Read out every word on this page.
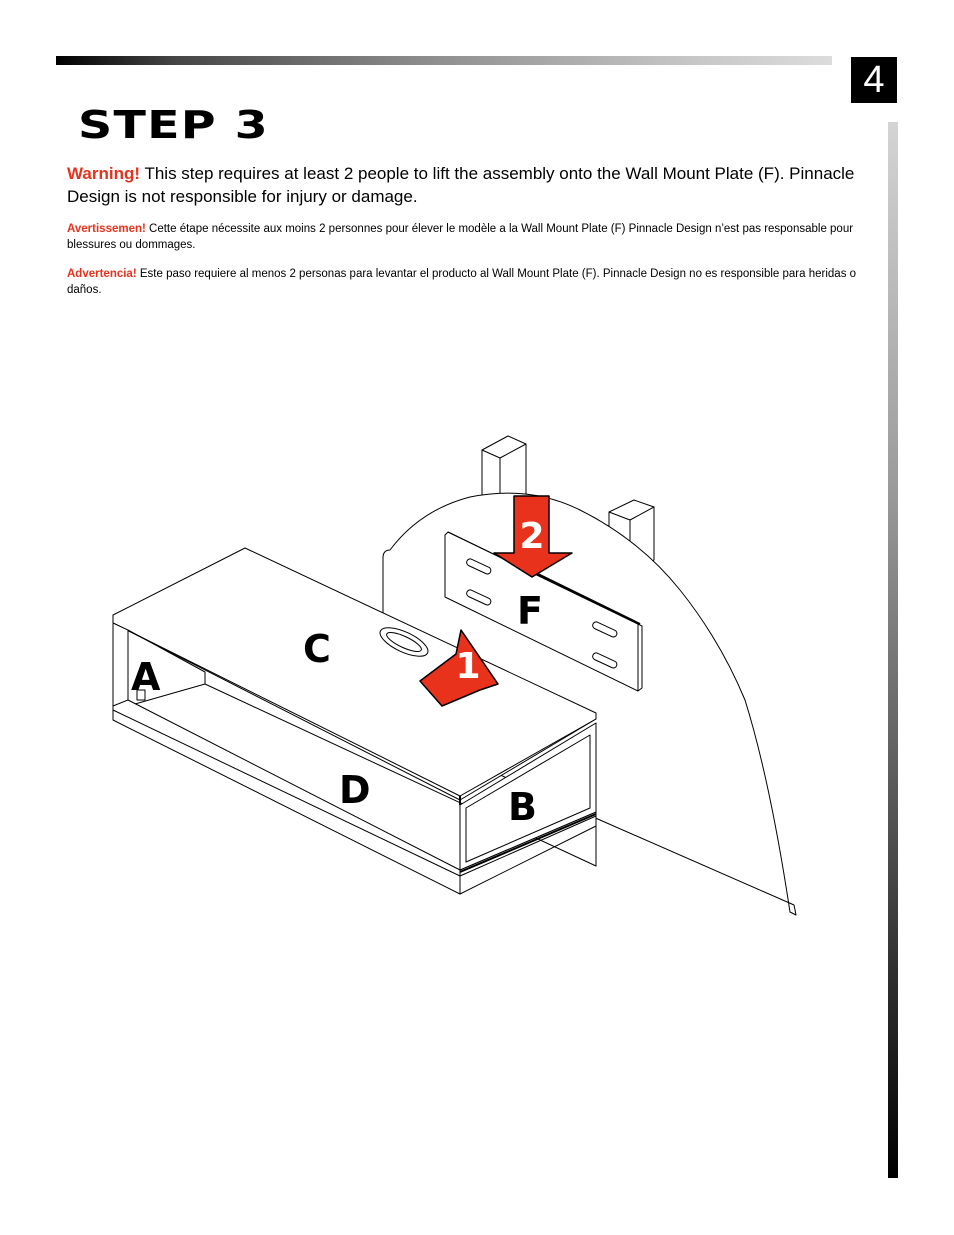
4
STEP 3

Warning! This step requires at least 2 people to lift the assembly onto the Wall Mount Plate (F). Pinnacle Design is not responsible for injury or damage.

Avertissemen! Cette étape nécessite aux moins 2 personnes pour élever le modèle a la Wall Mount Plate (F) Pinnacle Design n’est pas responsable pour blessures ou dommages.

Advertencia! Este paso requiere al menos 2 personas para levantar el producto al Wall Mount Plate (F). Pinnacle Design no es responsible para heridas o daños.

2
1
C
A
D	B
F
